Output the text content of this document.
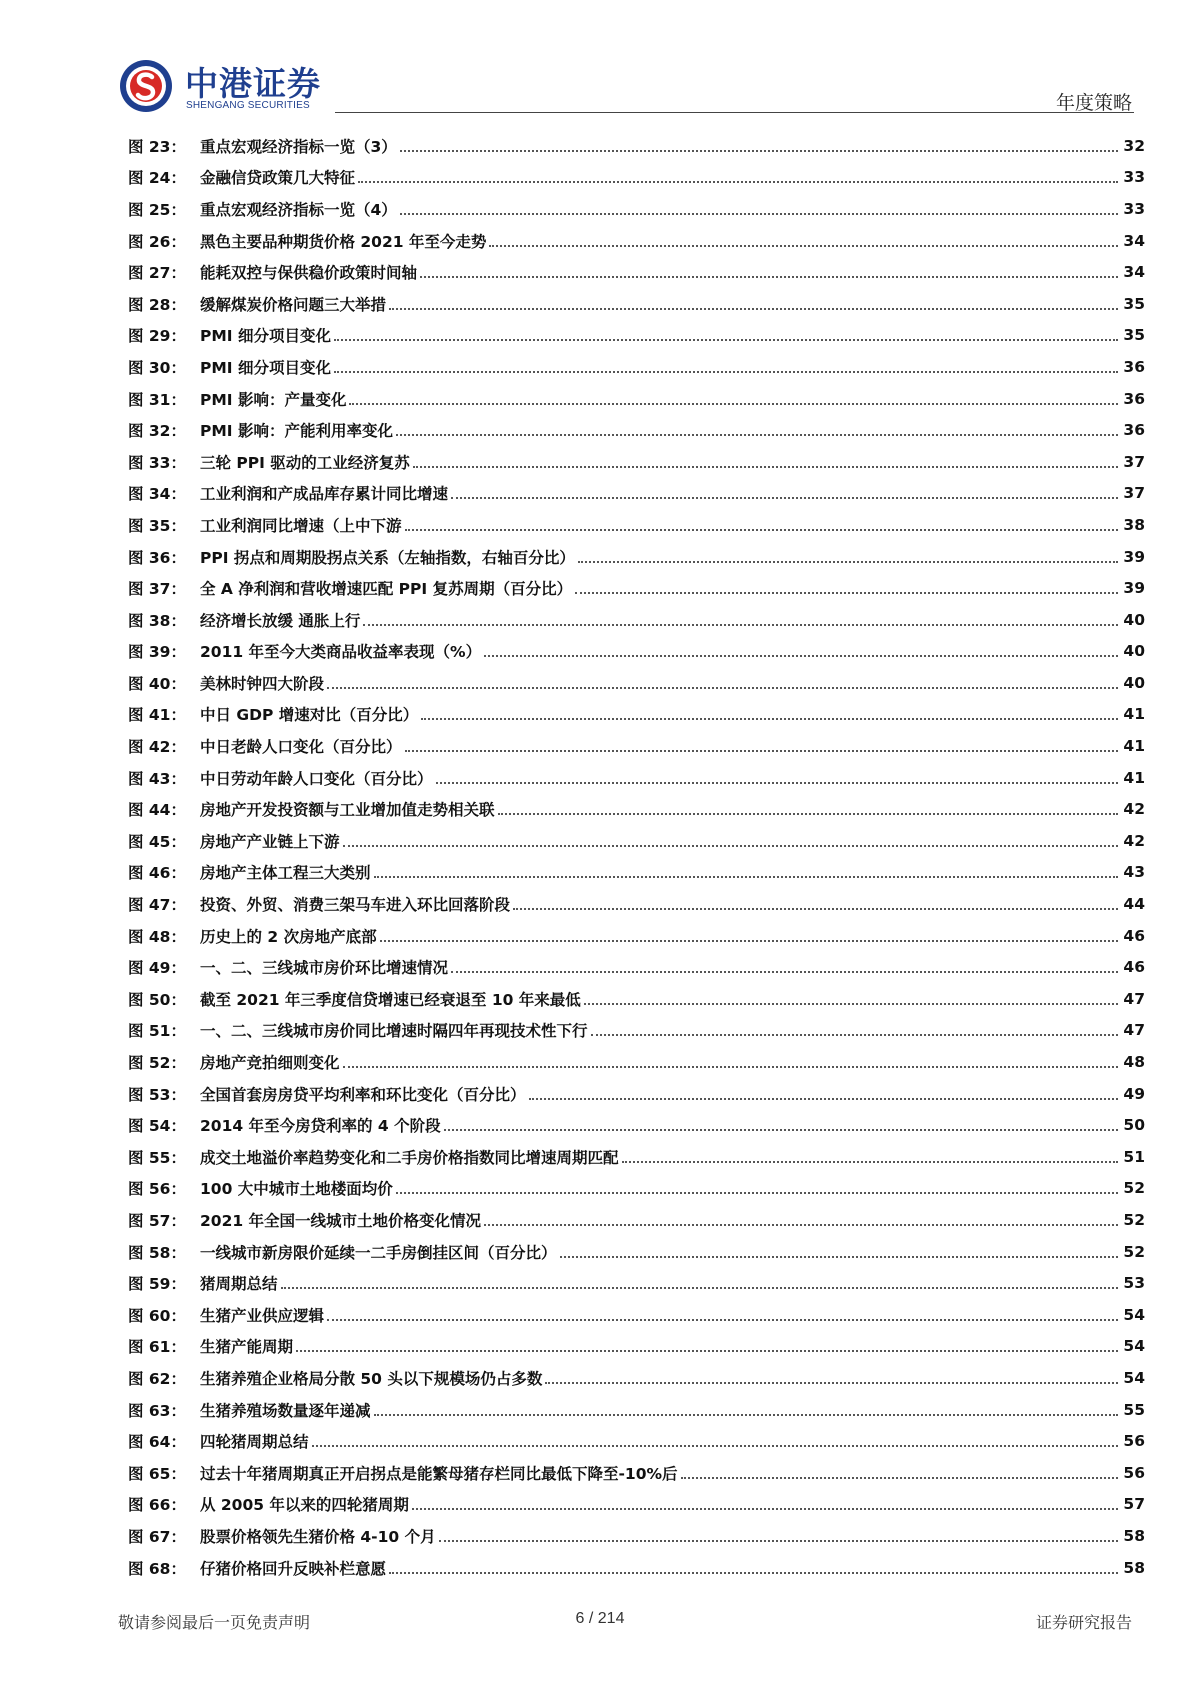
中港证券
SHENGANG SECURITIES	年度策略
图 23： 重点宏观经济指标一览（3）	32
图 24： 金融信贷政策几大特征	33
图 25： 重点宏观经济指标一览（4）	33
图 26： 黑色主要品种期货价格 2021 年至今走势	34
图 27： 能耗双控与保供稳价政策时间轴	34
图 28： 缓解煤炭价格问题三大举措	35
图 29： PMI 细分项目变化	35
图 30： PMI 细分项目变化	36
图 31： PMI 影响：产量变化	36
图 32： PMI 影响：产能利用率变化	36
图 33： 三轮 PPI 驱动的工业经济复苏	37
图 34： 工业利润和产成品库存累计同比增速	37
图 35： 工业利润同比增速（上中下游	38
图 36： PPI 拐点和周期股拐点关系（左轴指数，右轴百分比）	39
图 37： 全 A 净利润和营收增速匹配 PPI 复苏周期（百分比）	39
图 38： 经济增长放缓 通胀上行	40
图 39： 2011 年至今大类商品收益率表现（%）	40
图 40： 美林时钟四大阶段	40
图 41： 中日 GDP 增速对比（百分比）	41
图 42： 中日老龄人口变化（百分比）	41
图 43： 中日劳动年龄人口变化（百分比）	41
图 44： 房地产开发投资额与工业增加值走势相关联	42
图 45： 房地产产业链上下游	42
图 46： 房地产主体工程三大类别	43
图 47： 投资、外贸、消费三架马车进入环比回落阶段	44
图 48： 历史上的 2 次房地产底部	46
图 49： 一、二、三线城市房价环比增速情况	46
图 50： 截至 2021 年三季度信贷增速已经衰退至 10 年来最低	47
图 51： 一、二、三线城市房价同比增速时隔四年再现技术性下行	47
图 52： 房地产竞拍细则变化	48
图 53： 全国首套房房贷平均利率和环比变化（百分比）	49
图 54： 2014 年至今房贷利率的 4 个阶段	50
图 55： 成交土地溢价率趋势变化和二手房价格指数同比增速周期匹配	51
图 56： 100 大中城市土地楼面均价	52
图 57： 2021 年全国一线城市土地价格变化情况	52
图 58： 一线城市新房限价延续一二手房倒挂区间（百分比）	52
图 59： 猪周期总结	53
图 60： 生猪产业供应逻辑	54
图 61： 生猪产能周期	54
图 62： 生猪养殖企业格局分散 50 头以下规模场仍占多数	54
图 63： 生猪养殖场数量逐年递减	55
图 64： 四轮猪周期总结	56
图 65： 过去十年猪周期真正开启拐点是能繁母猪存栏同比最低下降至-10%后	56
图 66： 从 2005 年以来的四轮猪周期	57
图 67： 股票价格领先生猪价格 4-10 个月	58
图 68： 仔猪价格回升反映补栏意愿	58
敬请参阅最后一页免责声明	6 / 214	证券研究报告
